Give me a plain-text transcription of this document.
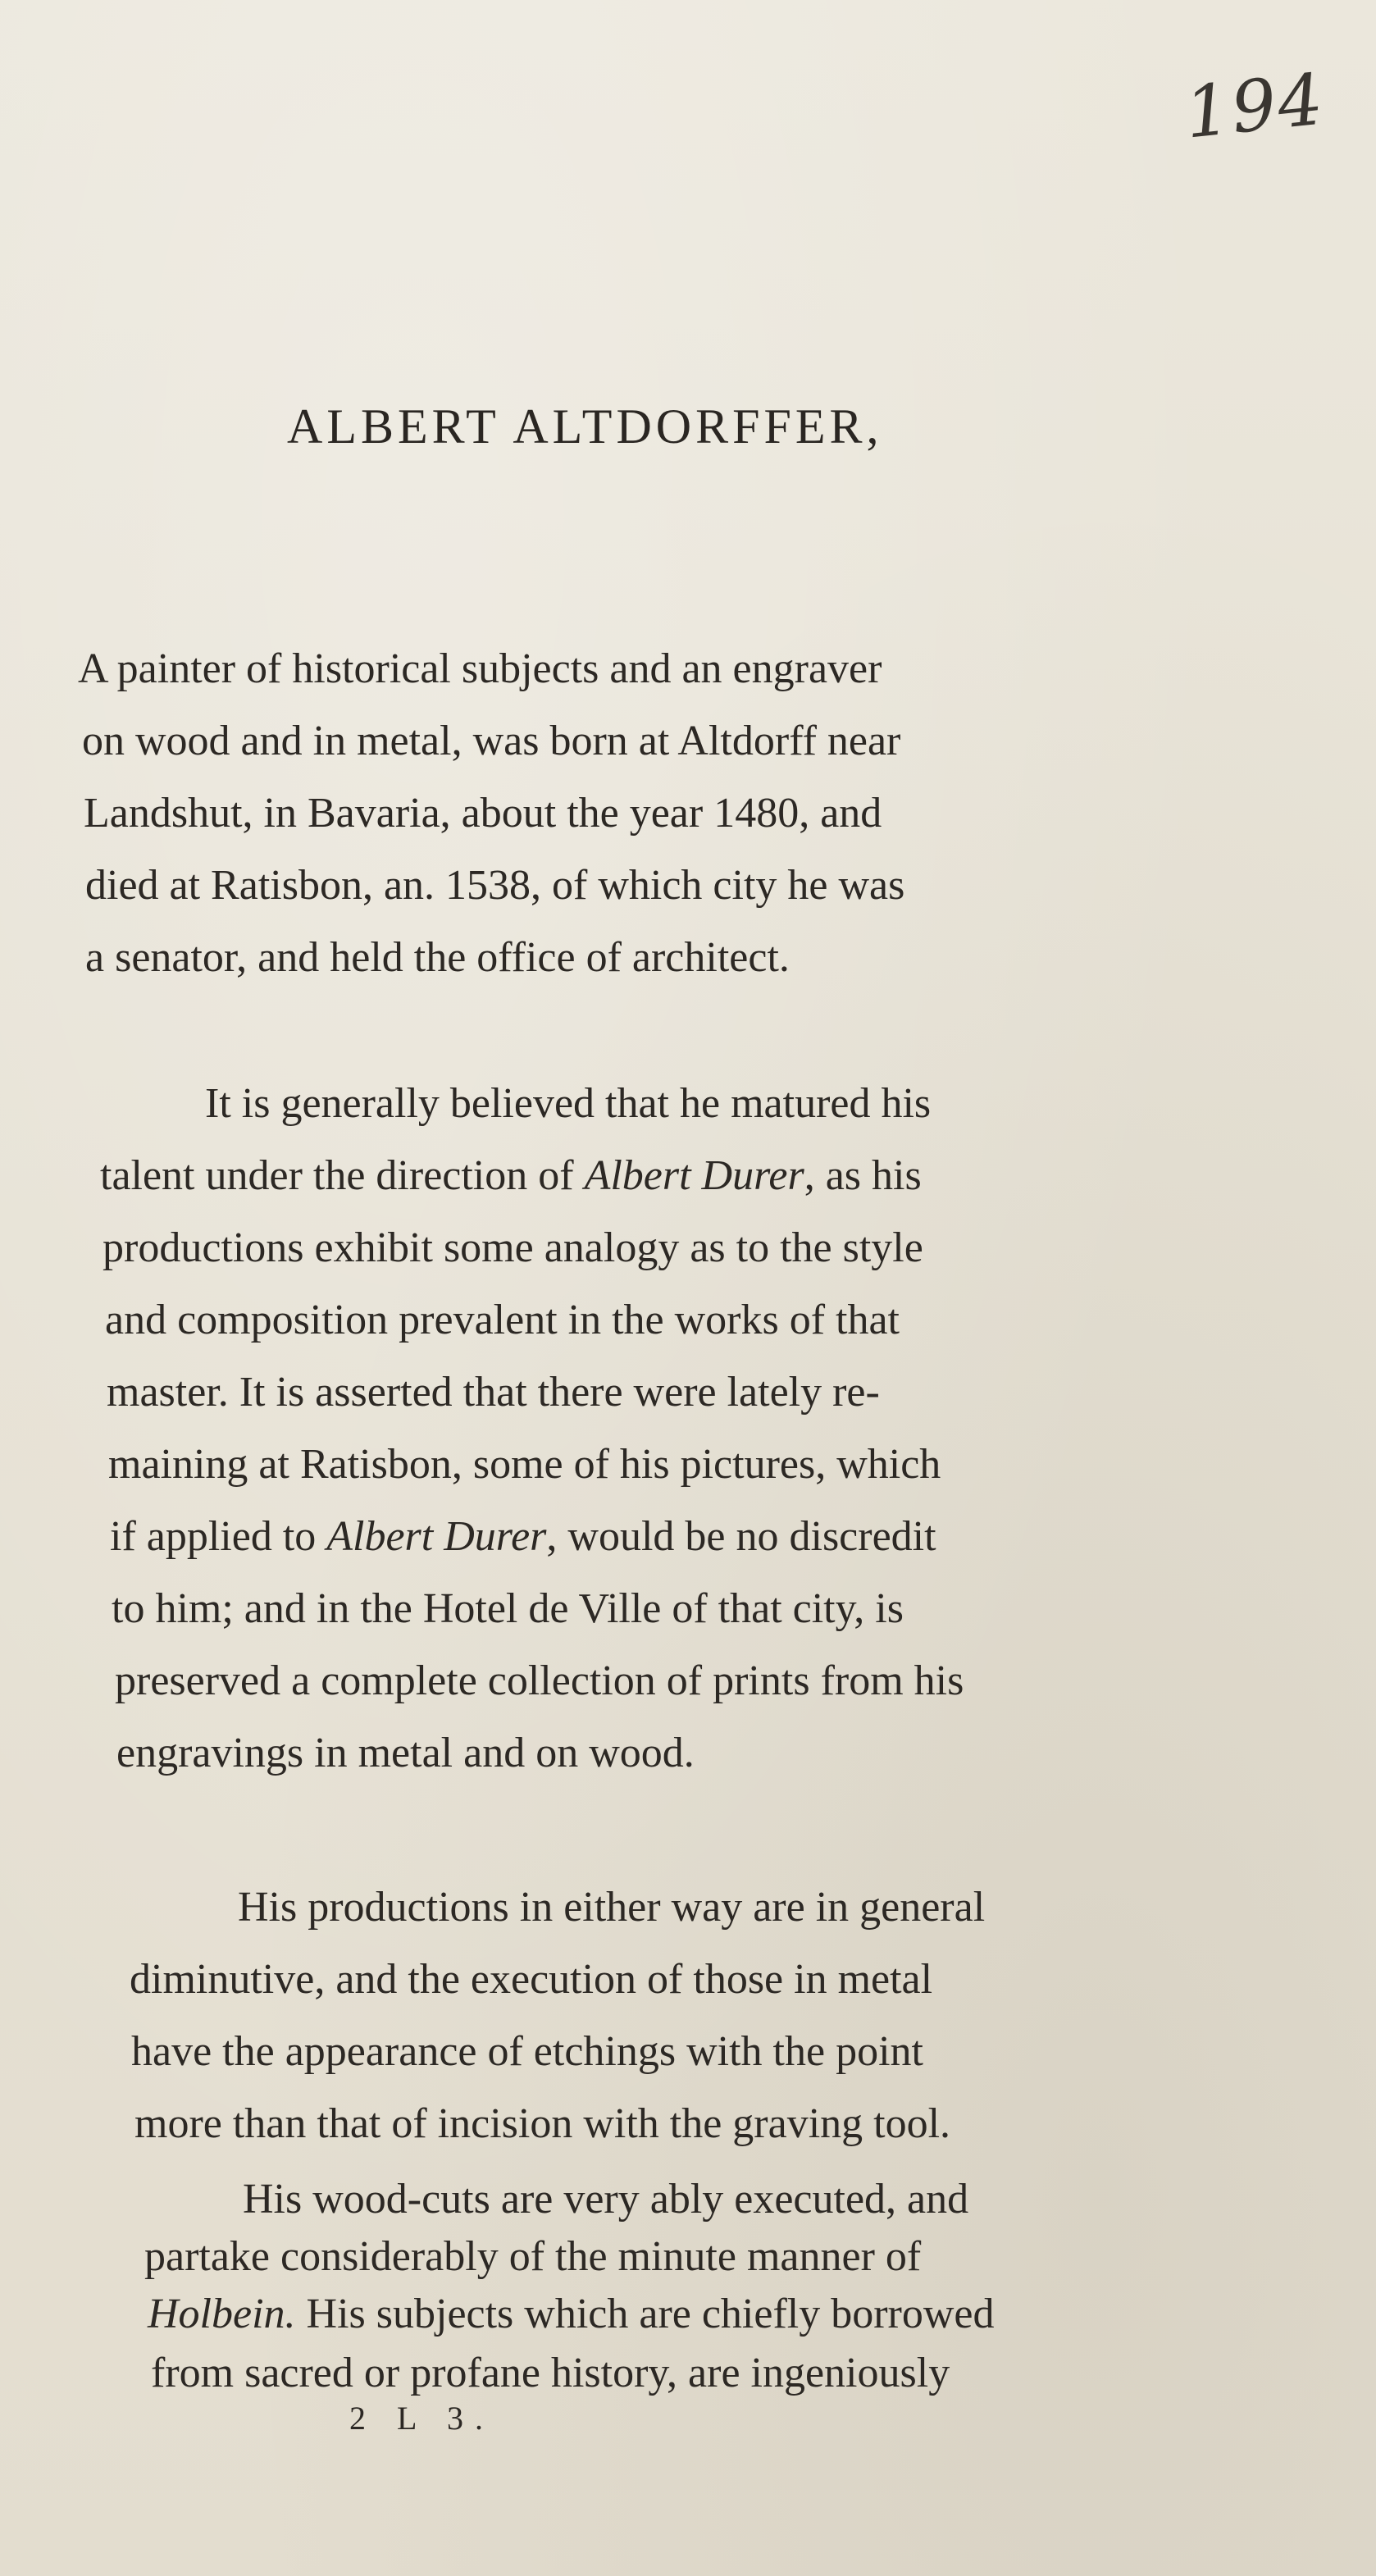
194
ALBERT ALTDORFFER,
A painter of historical subjects and an engraver
on wood and in metal, was born at Altdorff near
Landshut, in Bavaria, about the year 1480, and
died at Ratisbon, an. 1538, of which city he was
a senator, and held the office of architect.
It is generally believed that he matured his
talent under the direction of Albert Durer, as his
productions exhibit some analogy as to the style
and composition prevalent in the works of that
master. It is asserted that there were lately re-
maining at Ratisbon, some of his pictures, which
if applied to Albert Durer, would be no discredit
to him; and in the Hotel de Ville of that city, is
preserved a complete collection of prints from his
engravings in metal and on wood.
His productions in either way are in general
diminutive, and the execution of those in metal
have the appearance of etchings with the point
more than that of incision with the graving tool.
His wood-cuts are very ably executed, and
partake considerably of the minute manner of
Holbein. His subjects which are chiefly borrowed
from sacred or profane history, are ingeniously
2 L 3.
